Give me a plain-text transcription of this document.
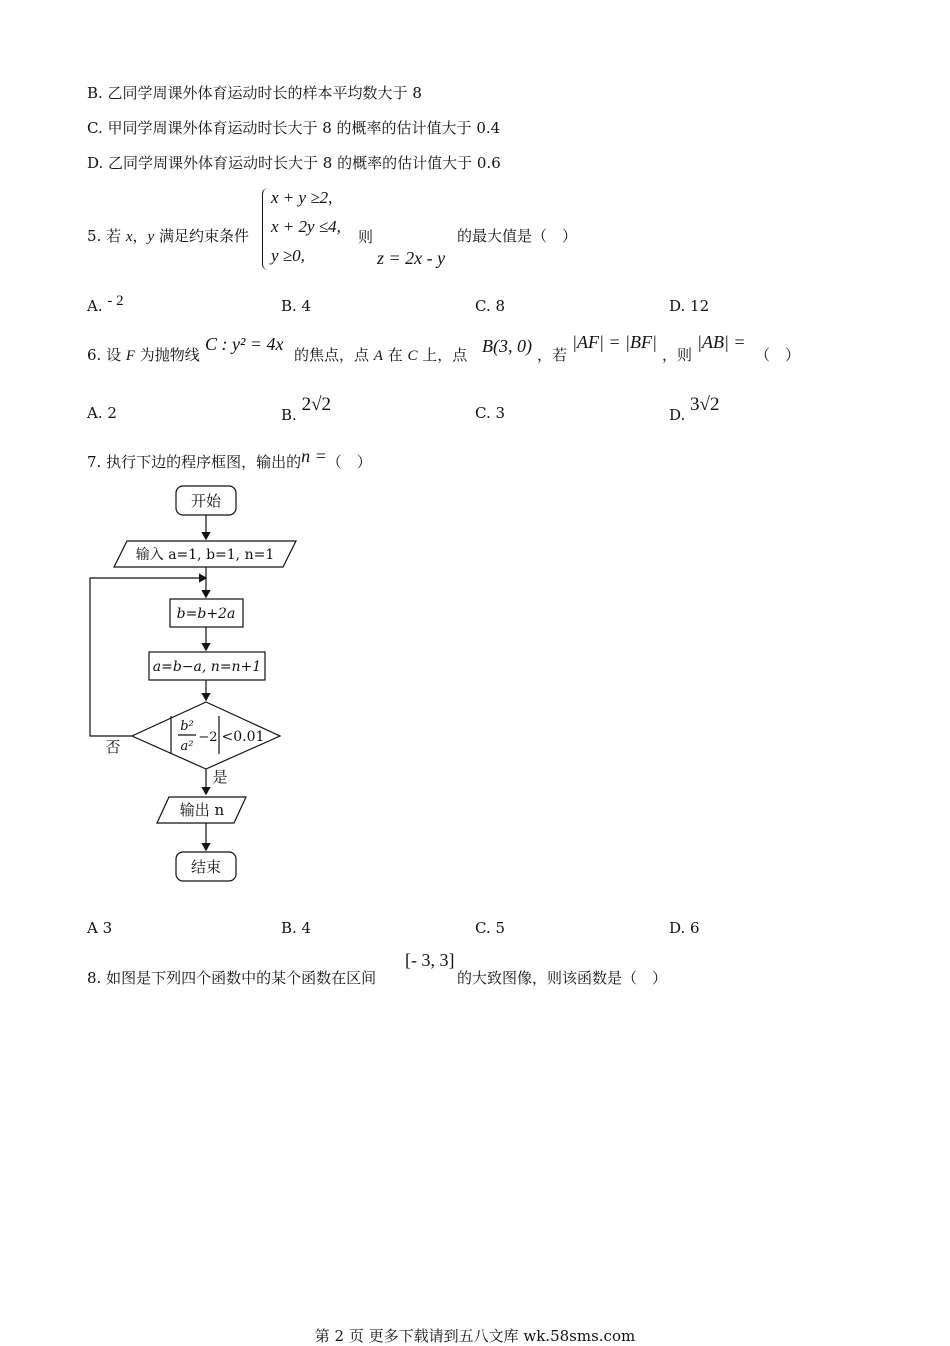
B. 乙同学周课外体育运动时长的样本平均数大于 8
C. 甲同学周课外体育运动时长大于 8 的概率的估计值大于 0.4
D. 乙同学周课外体育运动时长大于 8 的概率的估计值大于 0.6
5. 若 x，y 满足约束条件
x + y ≥2,
x + 2y ≤4,
y ≥0,
则
z = 2x - y
的最大值是（　）
A. - 2	B. 4	C. 8	D. 12
6. 设 F 为抛物线
C : y² = 4x
的焦点，点 A 在 C 上，点 B(3, 0) ，若
|AF| = |BF|
，则
|AB| =
（　）
A. 2	B. 2√2	C. 3	D. 3√2
7. 执行下边的程序框图，输出的n =（　）
开始
输入 a=1, b=1, n=1
b=b+2a
a=b−a, n=n+1
b²
a²
−2 <0.01
否
是
输出 n
结束
A 3	B. 4	C. 5	D. 6
8. 如图是下列四个函数中的某个函数在区间
[- 3, 3]
的大致图像，则该函数是（　）
第 2 页 更多下载请到五八文库 wk.58sms.com
